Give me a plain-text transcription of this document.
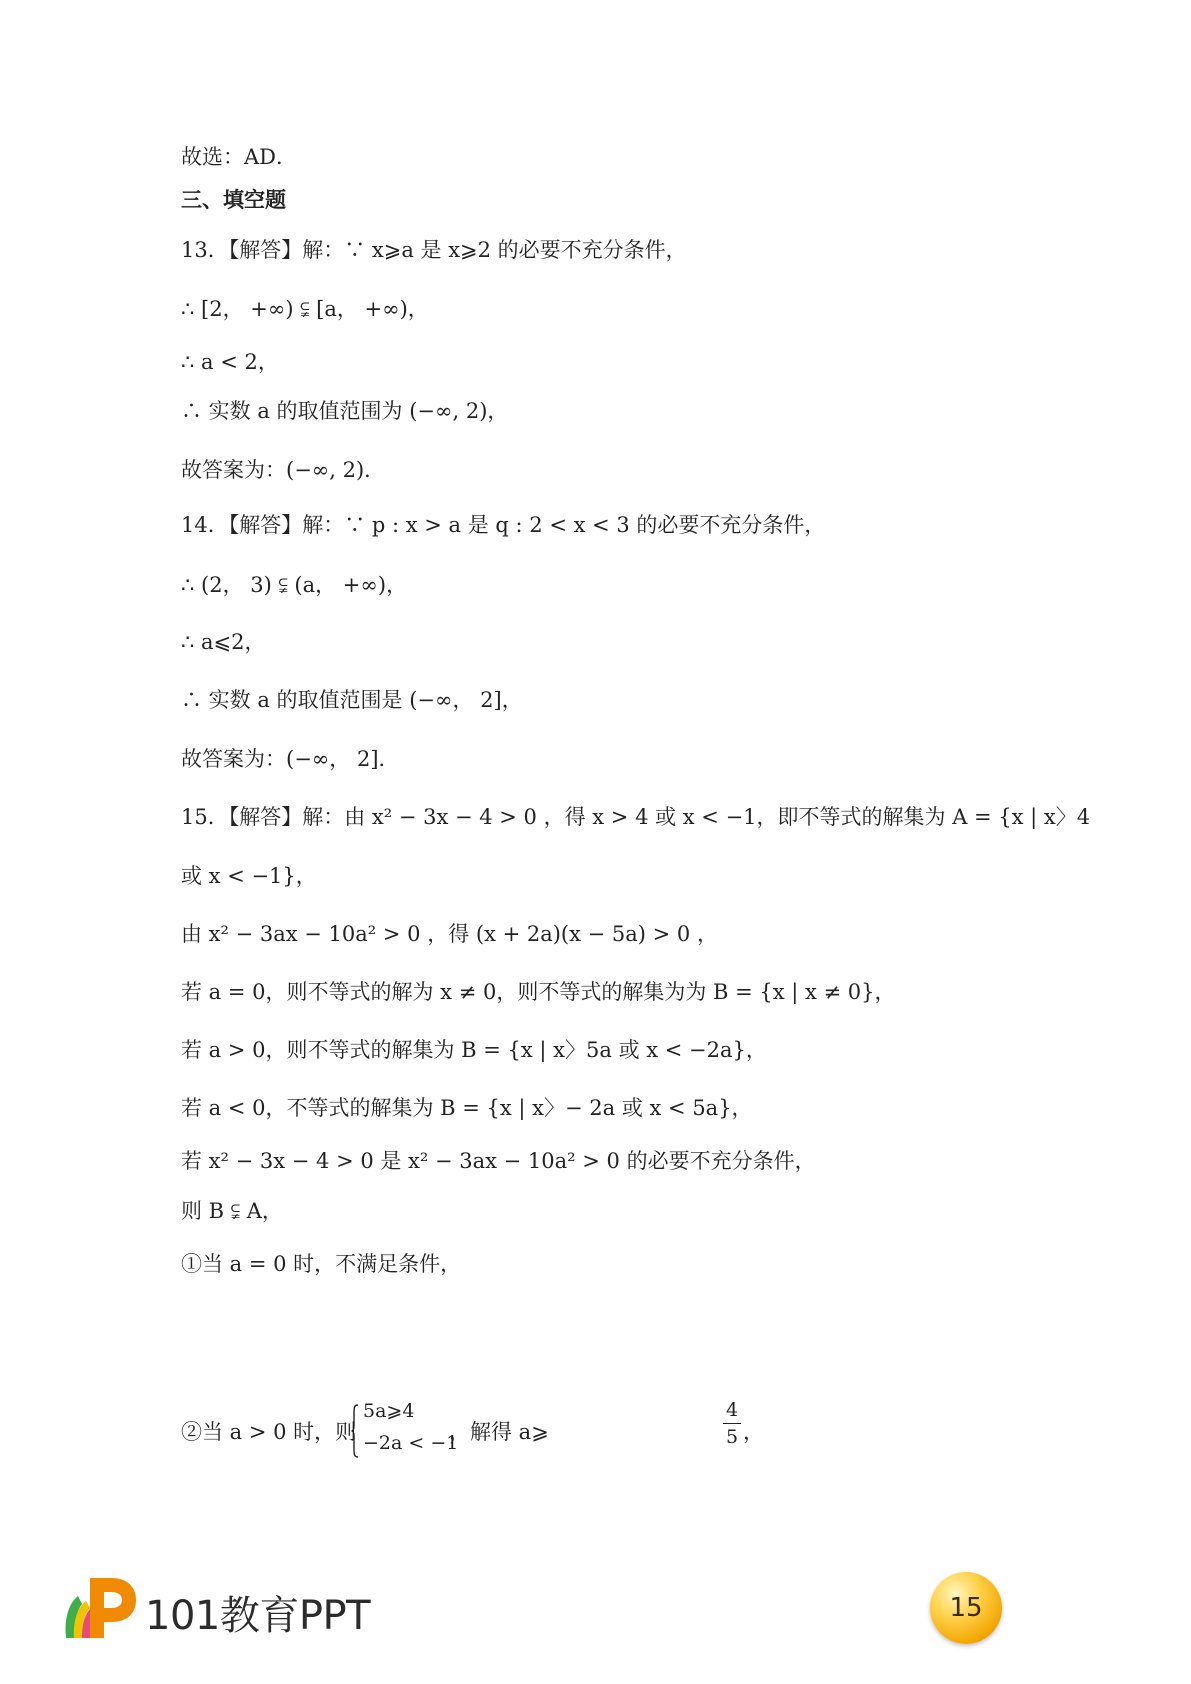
故选：AD．
三、填空题
13．【解答】解：∵ x⩾a 是 x⩾2 的必要不充分条件，
∴ [2， +∞) ⫋ [a， +∞)，
∴ a < 2，
∴ 实数 a 的取值范围为 (−∞, 2)，
故答案为：(−∞, 2)．
14．【解答】解：∵ p : x > a 是 q : 2 < x < 3 的必要不充分条件，
∴ (2， 3) ⫋ (a， +∞)，
∴ a⩽2，
∴ 实数 a 的取值范围是 (−∞， 2]，
故答案为：(−∞， 2]．
15．【解答】解：由 x² − 3x − 4 > 0 ，得 x > 4 或 x < −1，即不等式的解集为 A = {x | x〉4
或 x < −1}，
由 x² − 3ax − 10a² > 0 ，得 (x + 2a)(x − 5a) > 0 ，
若 a = 0，则不等式的解为 x ≠ 0，则不等式的解集为为 B = {x | x ≠ 0}，
若 a > 0，则不等式的解集为 B = {x | x〉5a 或 x < −2a}，
若 a < 0，不等式的解集为 B = {x | x〉− 2a 或 x < 5a}，
若 x² − 3x − 4 > 0 是 x² − 3ax − 10a² > 0 的必要不充分条件，
则 B ⫋ A，
①当 a = 0 时，不满足条件，
②当 a > 0 时，则
5a⩾4
−2a < −1
，解得 a⩾
4
5 ，
101教育PPT	15
